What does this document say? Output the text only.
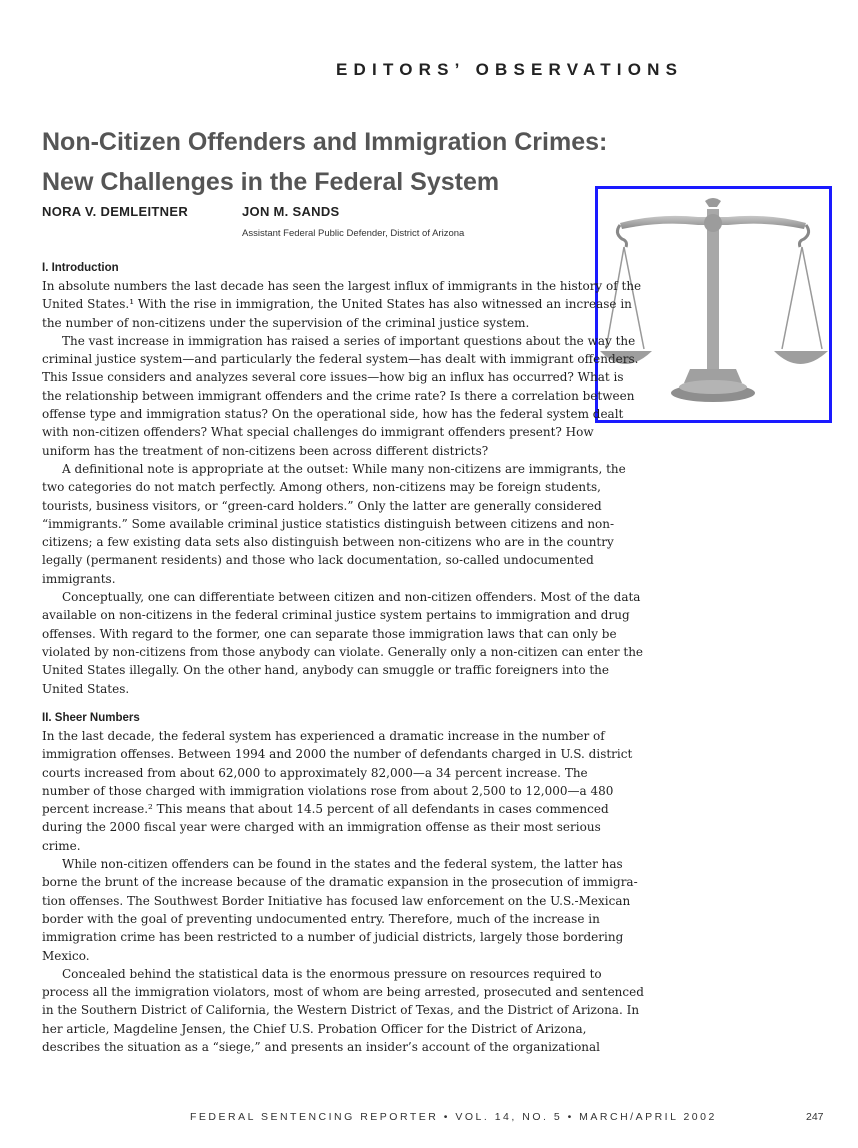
EDITORS’ OBSERVATIONS
Non-Citizen Offenders and Immigration Crimes:
New Challenges in the Federal System
NORA V. DEMLEITNER	JON M. SANDS
Assistant Federal Public Defender, District of Arizona
I. Introduction
In absolute numbers the last decade has seen the largest influx of immigrants in the history of the
United States.¹ With the rise in immigration, the United States has also witnessed an increase in
the number of non-citizens under the supervision of the criminal justice system.
The vast increase in immigration has raised a series of important questions about the way the
criminal justice system—and particularly the federal system—has dealt with immigrant offenders.
This Issue considers and analyzes several core issues—how big an influx has occurred? What is
the relationship between immigrant offenders and the crime rate? Is there a correlation between
offense type and immigration status? On the operational side, how has the federal system dealt
with non-citizen offenders? What special challenges do immigrant offenders present? How
uniform has the treatment of non-citizens been across different districts?
A definitional note is appropriate at the outset: While many non-citizens are immigrants, the
two categories do not match perfectly. Among others, non-citizens may be foreign students,
tourists, business visitors, or “green-card holders.” Only the latter are generally considered
“immigrants.” Some available criminal justice statistics distinguish between citizens and non-
citizens; a few existing data sets also distinguish between non-citizens who are in the country
legally (permanent residents) and those who lack documentation, so-called undocumented
immigrants.
Conceptually, one can differentiate between citizen and non-citizen offenders. Most of the data
available on non-citizens in the federal criminal justice system pertains to immigration and drug
offenses. With regard to the former, one can separate those immigration laws that can only be
violated by non-citizens from those anybody can violate. Generally only a non-citizen can enter the
United States illegally. On the other hand, anybody can smuggle or traffic foreigners into the
United States.
II. Sheer Numbers
In the last decade, the federal system has experienced a dramatic increase in the number of
immigration offenses. Between 1994 and 2000 the number of defendants charged in U.S. district
courts increased from about 62,000 to approximately 82,000—a 34 percent increase. The
number of those charged with immigration violations rose from about 2,500 to 12,000—a 480
percent increase.² This means that about 14.5 percent of all defendants in cases commenced
during the 2000 fiscal year were charged with an immigration offense as their most serious
crime.
While non-citizen offenders can be found in the states and the federal system, the latter has
borne the brunt of the increase because of the dramatic expansion in the prosecution of immigra-
tion offenses. The Southwest Border Initiative has focused law enforcement on the U.S.-Mexican
border with the goal of preventing undocumented entry. Therefore, much of the increase in
immigration crime has been restricted to a number of judicial districts, largely those bordering
Mexico.
Concealed behind the statistical data is the enormous pressure on resources required to
process all the immigration violators, most of whom are being arrested, prosecuted and sentenced
in the Southern District of California, the Western District of Texas, and the District of Arizona. In
her article, Magdeline Jensen, the Chief U.S. Probation Officer for the District of Arizona,
describes the situation as a “siege,” and presents an insider’s account of the organizational
FEDERAL SENTENCING REPORTER • VOL. 14, NO. 5 • MARCH/APRIL 2002	247
